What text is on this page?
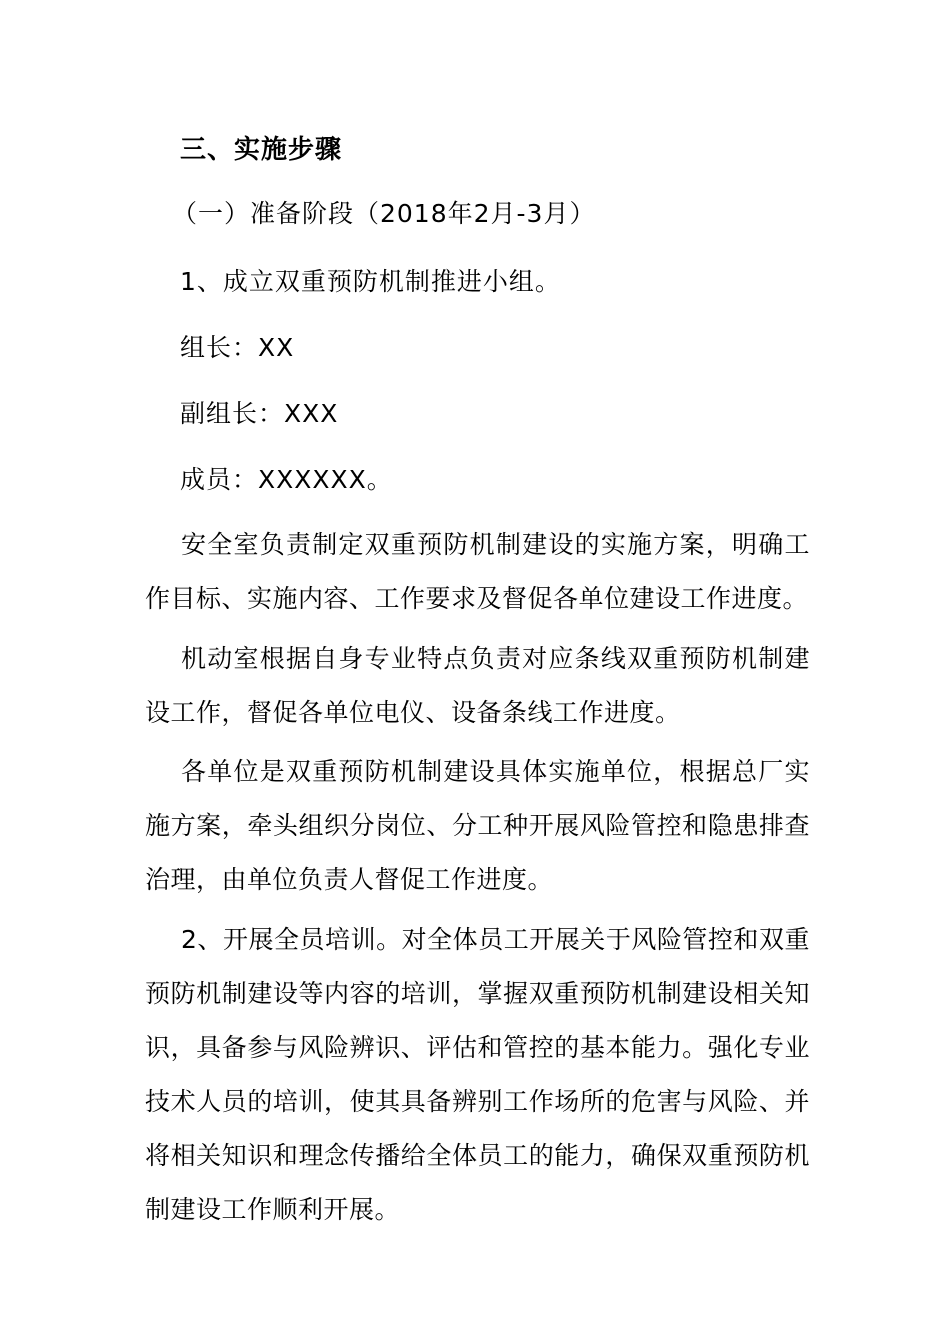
三、实施步骤
（一）准备阶段（2018年2月-3月）
1、成立双重预防机制推进小组。
组长：XX
副组长：XXX
成员：XXXXXX。
安全室负责制定双重预防机制建设的实施方案，明确工作目标、实施内容、工作要求及督促各单位建设工作进度。
机动室根据自身专业特点负责对应条线双重预防机制建设工作，督促各单位电仪、设备条线工作进度。
各单位是双重预防机制建设具体实施单位，根据总厂实施方案，牵头组织分岗位、分工种开展风险管控和隐患排查治理，由单位负责人督促工作进度。
2、开展全员培训。对全体员工开展关于风险管控和双重预防机制建设等内容的培训，掌握双重预防机制建设相关知识，具备参与风险辨识、评估和管控的基本能力。强化专业技术人员的培训，使其具备辨别工作场所的危害与风险、并将相关知识和理念传播给全体员工的能力，确保双重预防机制建设工作顺利开展。
